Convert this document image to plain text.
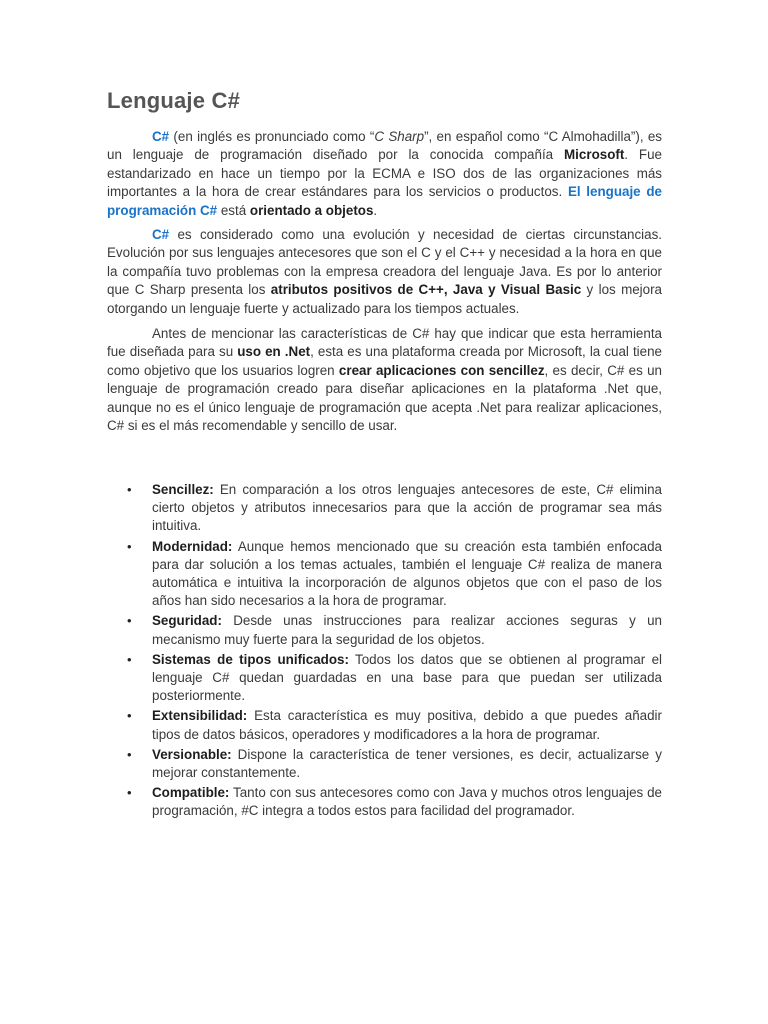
Lenguaje C#

C# (en inglés es pronunciado como “C Sharp”, en español como “C Almohadilla”), es un lenguaje de programación diseñado por la conocida compañía Microsoft. Fue estandarizado en hace un tiempo por la ECMA e ISO dos de las organizaciones más importantes a la hora de crear estándares para los servicios o productos. El lenguaje de programación C# está orientado a objetos.

C# es considerado como una evolución y necesidad de ciertas circunstancias. Evolución por sus lenguajes antecesores que son el C y el C++ y necesidad a la hora en que la compañía tuvo problemas con la empresa creadora del lenguaje Java. Es por lo anterior que C Sharp presenta los atributos positivos de C++, Java y Visual Basic y los mejora otorgando un lenguaje fuerte y actualizado para los tiempos actuales.

Antes de mencionar las características de C# hay que indicar que esta herramienta fue diseñada para su uso en .Net, esta es una plataforma creada por Microsoft, la cual tiene como objetivo que los usuarios logren crear aplicaciones con sencillez, es decir, C# es un lenguaje de programación creado para diseñar aplicaciones en la plataforma .Net que, aunque no es el único lenguaje de programación que acepta .Net para realizar aplicaciones, C# si es el más recomendable y sencillo de usar.

• Sencillez: En comparación a los otros lenguajes antecesores de este, C# elimina cierto objetos y atributos innecesarios para que la acción de programar sea más intuitiva.
• Modernidad: Aunque hemos mencionado que su creación esta también enfocada para dar solución a los temas actuales, también el lenguaje C# realiza de manera automática e intuitiva la incorporación de algunos objetos que con el paso de los años han sido necesarios a la hora de programar.
• Seguridad: Desde unas instrucciones para realizar acciones seguras y un mecanismo muy fuerte para la seguridad de los objetos.
• Sistemas de tipos unificados: Todos los datos que se obtienen al programar el lenguaje C# quedan guardadas en una base para que puedan ser utilizada posteriormente.
• Extensibilidad: Esta característica es muy positiva, debido a que puedes añadir tipos de datos básicos, operadores y modificadores a la hora de programar.
• Versionable: Dispone la característica de tener versiones, es decir, actualizarse y mejorar constantemente.
• Compatible: Tanto con sus antecesores como con Java y muchos otros lenguajes de programación, #C integra a todos estos para facilidad del programador.
